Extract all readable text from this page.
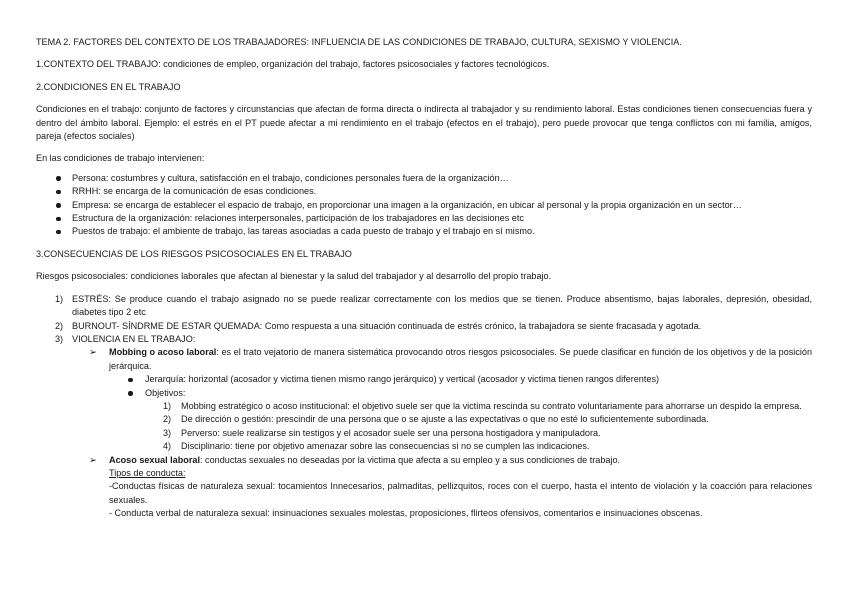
TEMA 2. FACTORES DEL CONTEXTO DE LOS TRABAJADORES: INFLUENCIA DE LAS CONDICIONES DE TRABAJO, CULTURA, SEXISMO Y VIOLENCIA.

1.CONTEXTO DEL TRABAJO: condiciones de empleo, organización del trabajo, factores psicosociales y factores tecnológicos.

2.CONDICIONES EN EL TRABAJO

Condiciones en el trabajo: conjunto de factores y circunstancias que afectan de forma directa o indirecta al trabajador y su rendimiento laboral. Estas condiciones tienen consecuencias fuera y dentro del ámbito laboral. Ejemplo: el estrés en el PT puede afectar a mi rendimiento en el trabajo (efectos en el trabajo), pero puede provocar que tenga conflictos con mi familia, amigos, pareja (efectos sociales)

En las condiciones de trabajo intervienen:

Persona: costumbres y cultura, satisfacción en el trabajo, condiciones personales fuera de la organización…
RRHH: se encarga de la comunicación de esas condiciones.
Empresa: se encarga de establecer el espacio de trabajo, en proporcionar una imagen a la organización, en ubicar al personal y la propia organización en un sector…
Estructura de la organización: relaciones interpersonales, participación de los trabajadores en las decisiones etc
Puestos de trabajo: el ambiente de trabajo, las tareas asociadas a cada puesto de trabajo y el trabajo en sí mismo.

3.CONSECUENCIAS DE LOS RIESGOS PSICOSOCIALES EN EL TRABAJO

Riesgos psicosociales: condiciones laborales que afectan al bienestar y la salud del trabajador y al desarrollo del propio trabajo.

1) ESTRÉS: Se produce cuando el trabajo asignado no se puede realizar correctamente con los medios que se tienen. Produce absentismo, bajas laborales, depresión, obesidad, diabetes tipo 2 etc
2) BURNOUT- SÍNDRME DE ESTAR QUEMADA: Como respuesta a una situación continuada de estrés crónico, la trabajadora se siente fracasada y agotada.
3) VIOLENCIA EN EL TRABAJO:
➢ Mobbing o acoso laboral: es el trato vejatorio de manera sistemática provocando otros riesgos psicosociales. Se puede clasificar en función de los objetivos y de la posición jerárquica.
Jerarquía: horizontal (acosador y victima tienen mismo rango jerárquico) y vertical (acosador y victima tienen rangos diferentes)
Objetivos:
1) Mobbing estratégico o acoso institucional: el objetivo suele ser que la victima rescinda su contrato voluntariamente para ahorrarse un despido la empresa.
2) De dirección o gestión: prescindir de una persona que o se ajuste a las expectativas o que no esté lo suficientemente subordinada.
3) Perverso: suele realizarse sin testigos y el acosador suele ser una persona hostigadora y manipuladora.
4) Disciplinario: tiene por objetivo amenazar sobre las consecuencias si no se cumplen las indicaciones.
➢ Acoso sexual laboral: conductas sexuales no deseadas por la victima que afecta a su empleo y a sus condiciones de trabajo.
Tipos de conducta:
-Conductas físicas de naturaleza sexual: tocamientos Innecesarios, palmaditas, pellizquitos, roces con el cuerpo, hasta el intento de violación y la coacción para relaciones sexuales.
- Conducta verbal de naturaleza sexual: insinuaciones sexuales molestas, proposiciones, flirteos ofensivos, comentarios e insinuaciones obscenas.
